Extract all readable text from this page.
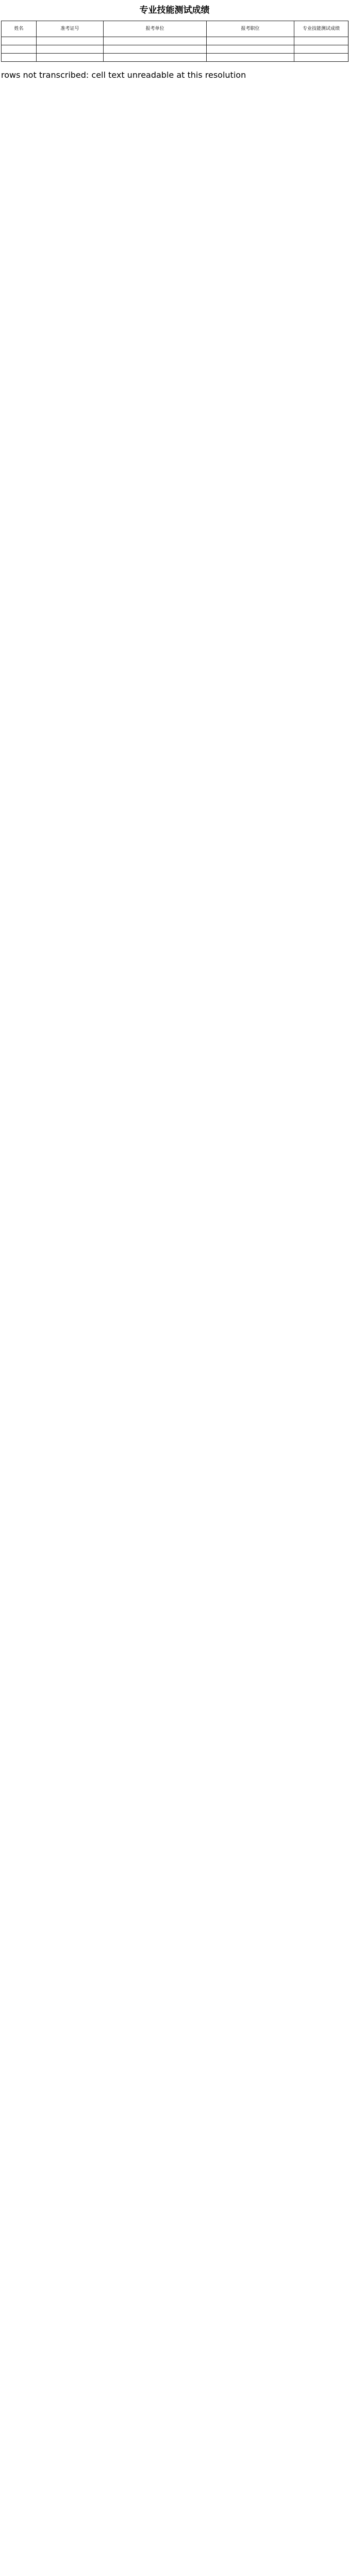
专业技能测试成绩
姓名	准考证号	报考单位	报考职位	专业技能测试成绩

rows not transcribed: cell text unreadable at this resolution
